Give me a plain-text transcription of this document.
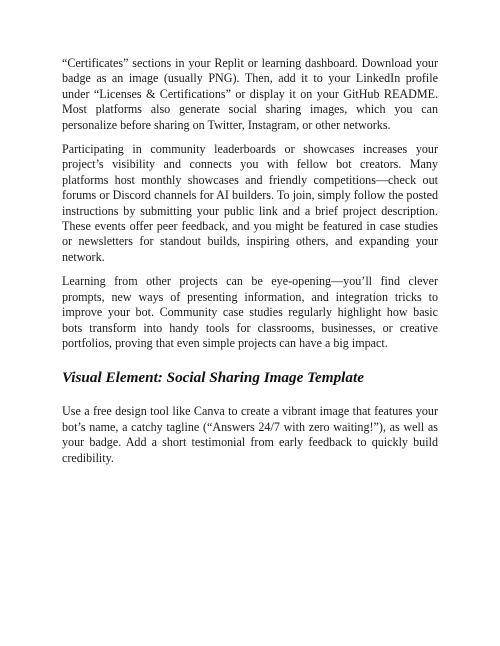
“Certificates” sections in your Replit or learning dashboard. Download your badge as an image (usually PNG). Then, add it to your LinkedIn profile under “Licenses & Certifications” or display it on your GitHub README. Most platforms also generate social sharing images, which you can personalize before sharing on Twitter, Instagram, or other networks.

Participating in community leaderboards or showcases increases your project’s visibility and connects you with fellow bot creators. Many platforms host monthly showcases and friendly competitions—check out forums or Discord channels for AI builders. To join, simply follow the posted instructions by submitting your public link and a brief project description. These events offer peer feedback, and you might be featured in case studies or newsletters for standout builds, inspiring others, and expanding your network.

Learning from other projects can be eye-opening—you’ll find clever prompts, new ways of presenting information, and integration tricks to improve your bot. Community case studies regularly highlight how basic bots transform into handy tools for classrooms, businesses, or creative portfolios, proving that even simple projects can have a big impact.

Visual Element: Social Sharing Image Template

Use a free design tool like Canva to create a vibrant image that features your bot’s name, a catchy tagline (“Answers 24/7 with zero waiting!”), as well as your badge. Add a short testimonial from early feedback to quickly build credibility.
